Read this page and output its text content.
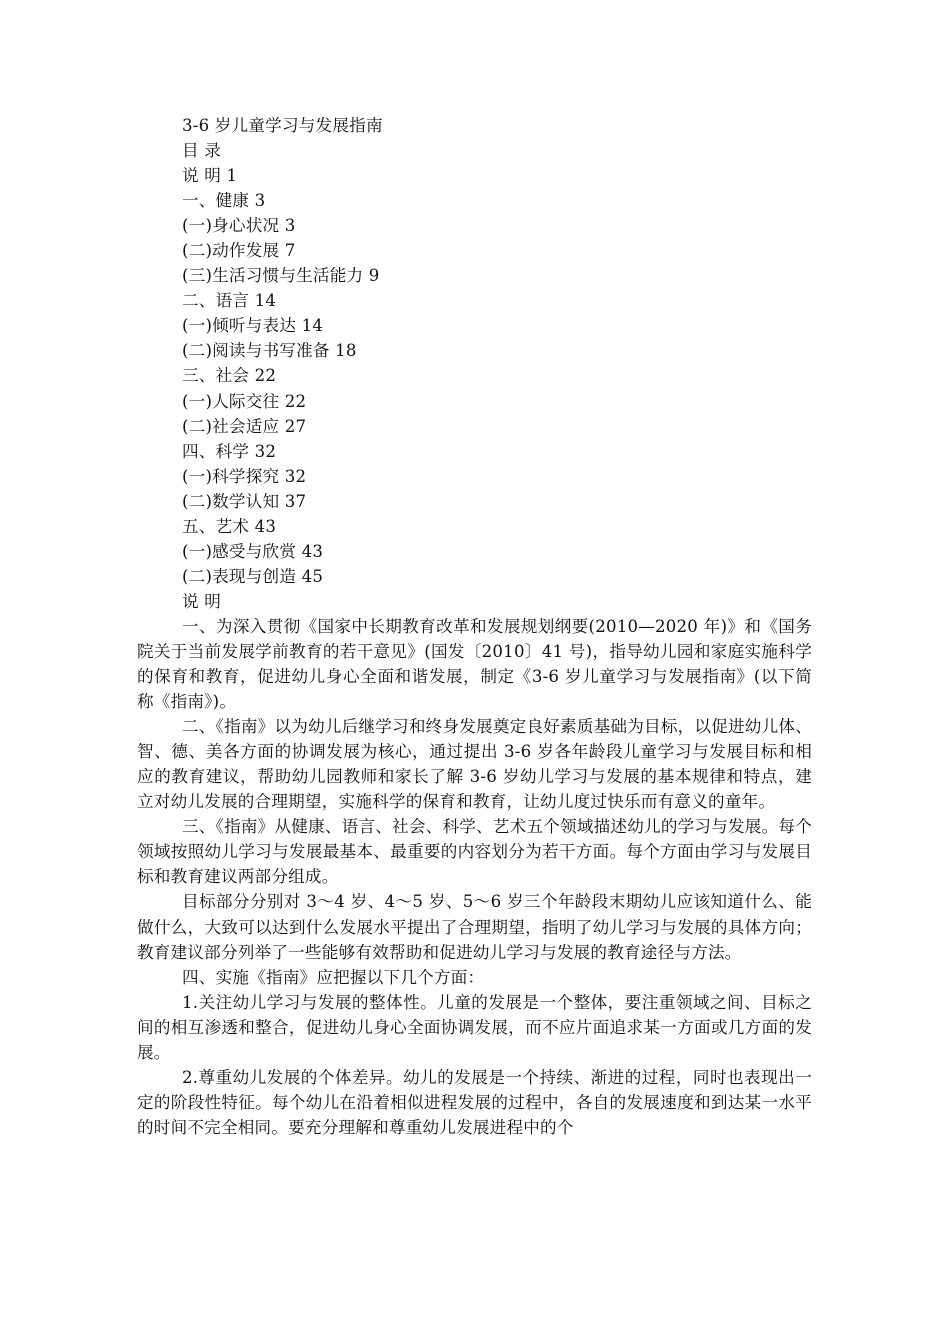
3-6 岁儿童学习与发展指南
目 录
说 明 1
一、健康 3
(一)身心状况 3
(二)动作发展 7
(三)生活习惯与生活能力 9
二、语言 14
(一)倾听与表达 14
(二)阅读与书写准备 18
三、社会 22
(一)人际交往 22
(二)社会适应 27
四、科学 32
(一)科学探究 32
(二)数学认知 37
五、艺术 43
(一)感受与欣赏 43
(二)表现与创造 45
说 明

一、为深入贯彻《国家中长期教育改革和发展规划纲要(2010—2020 年)》和《国务院关于当前发展学前教育的若干意见》(国发〔2010〕41 号)，指导幼儿园和家庭实施科学的保育和教育，促进幼儿身心全面和谐发展，制定《3-6 岁儿童学习与发展指南》(以下简称《指南》)。

二、《指南》以为幼儿后继学习和终身发展奠定良好素质基础为目标，以促进幼儿体、智、德、美各方面的协调发展为核心，通过提出 3-6 岁各年龄段儿童学习与发展目标和相应的教育建议，帮助幼儿园教师和家长了解 3-6 岁幼儿学习与发展的基本规律和特点，建立对幼儿发展的合理期望，实施科学的保育和教育，让幼儿度过快乐而有意义的童年。

三、《指南》从健康、语言、社会、科学、艺术五个领域描述幼儿的学习与发展。每个领域按照幼儿学习与发展最基本、最重要的内容划分为若干方面。每个方面由学习与发展目标和教育建议两部分组成。

目标部分分别对 3～4 岁、4～5 岁、5～6 岁三个年龄段末期幼儿应该知道什么、能做什么，大致可以达到什么发展水平提出了合理期望，指明了幼儿学习与发展的具体方向；教育建议部分列举了一些能够有效帮助和促进幼儿学习与发展的教育途径与方法。

四、实施《指南》应把握以下几个方面：

1.关注幼儿学习与发展的整体性。儿童的发展是一个整体，要注重领域之间、目标之间的相互渗透和整合，促进幼儿身心全面协调发展，而不应片面追求某一方面或几方面的发展。

2.尊重幼儿发展的个体差异。幼儿的发展是一个持续、渐进的过程，同时也表现出一定的阶段性特征。每个幼儿在沿着相似进程发展的过程中，各自的发展速度和到达某一水平的时间不完全相同。要充分理解和尊重幼儿发展进程中的个
